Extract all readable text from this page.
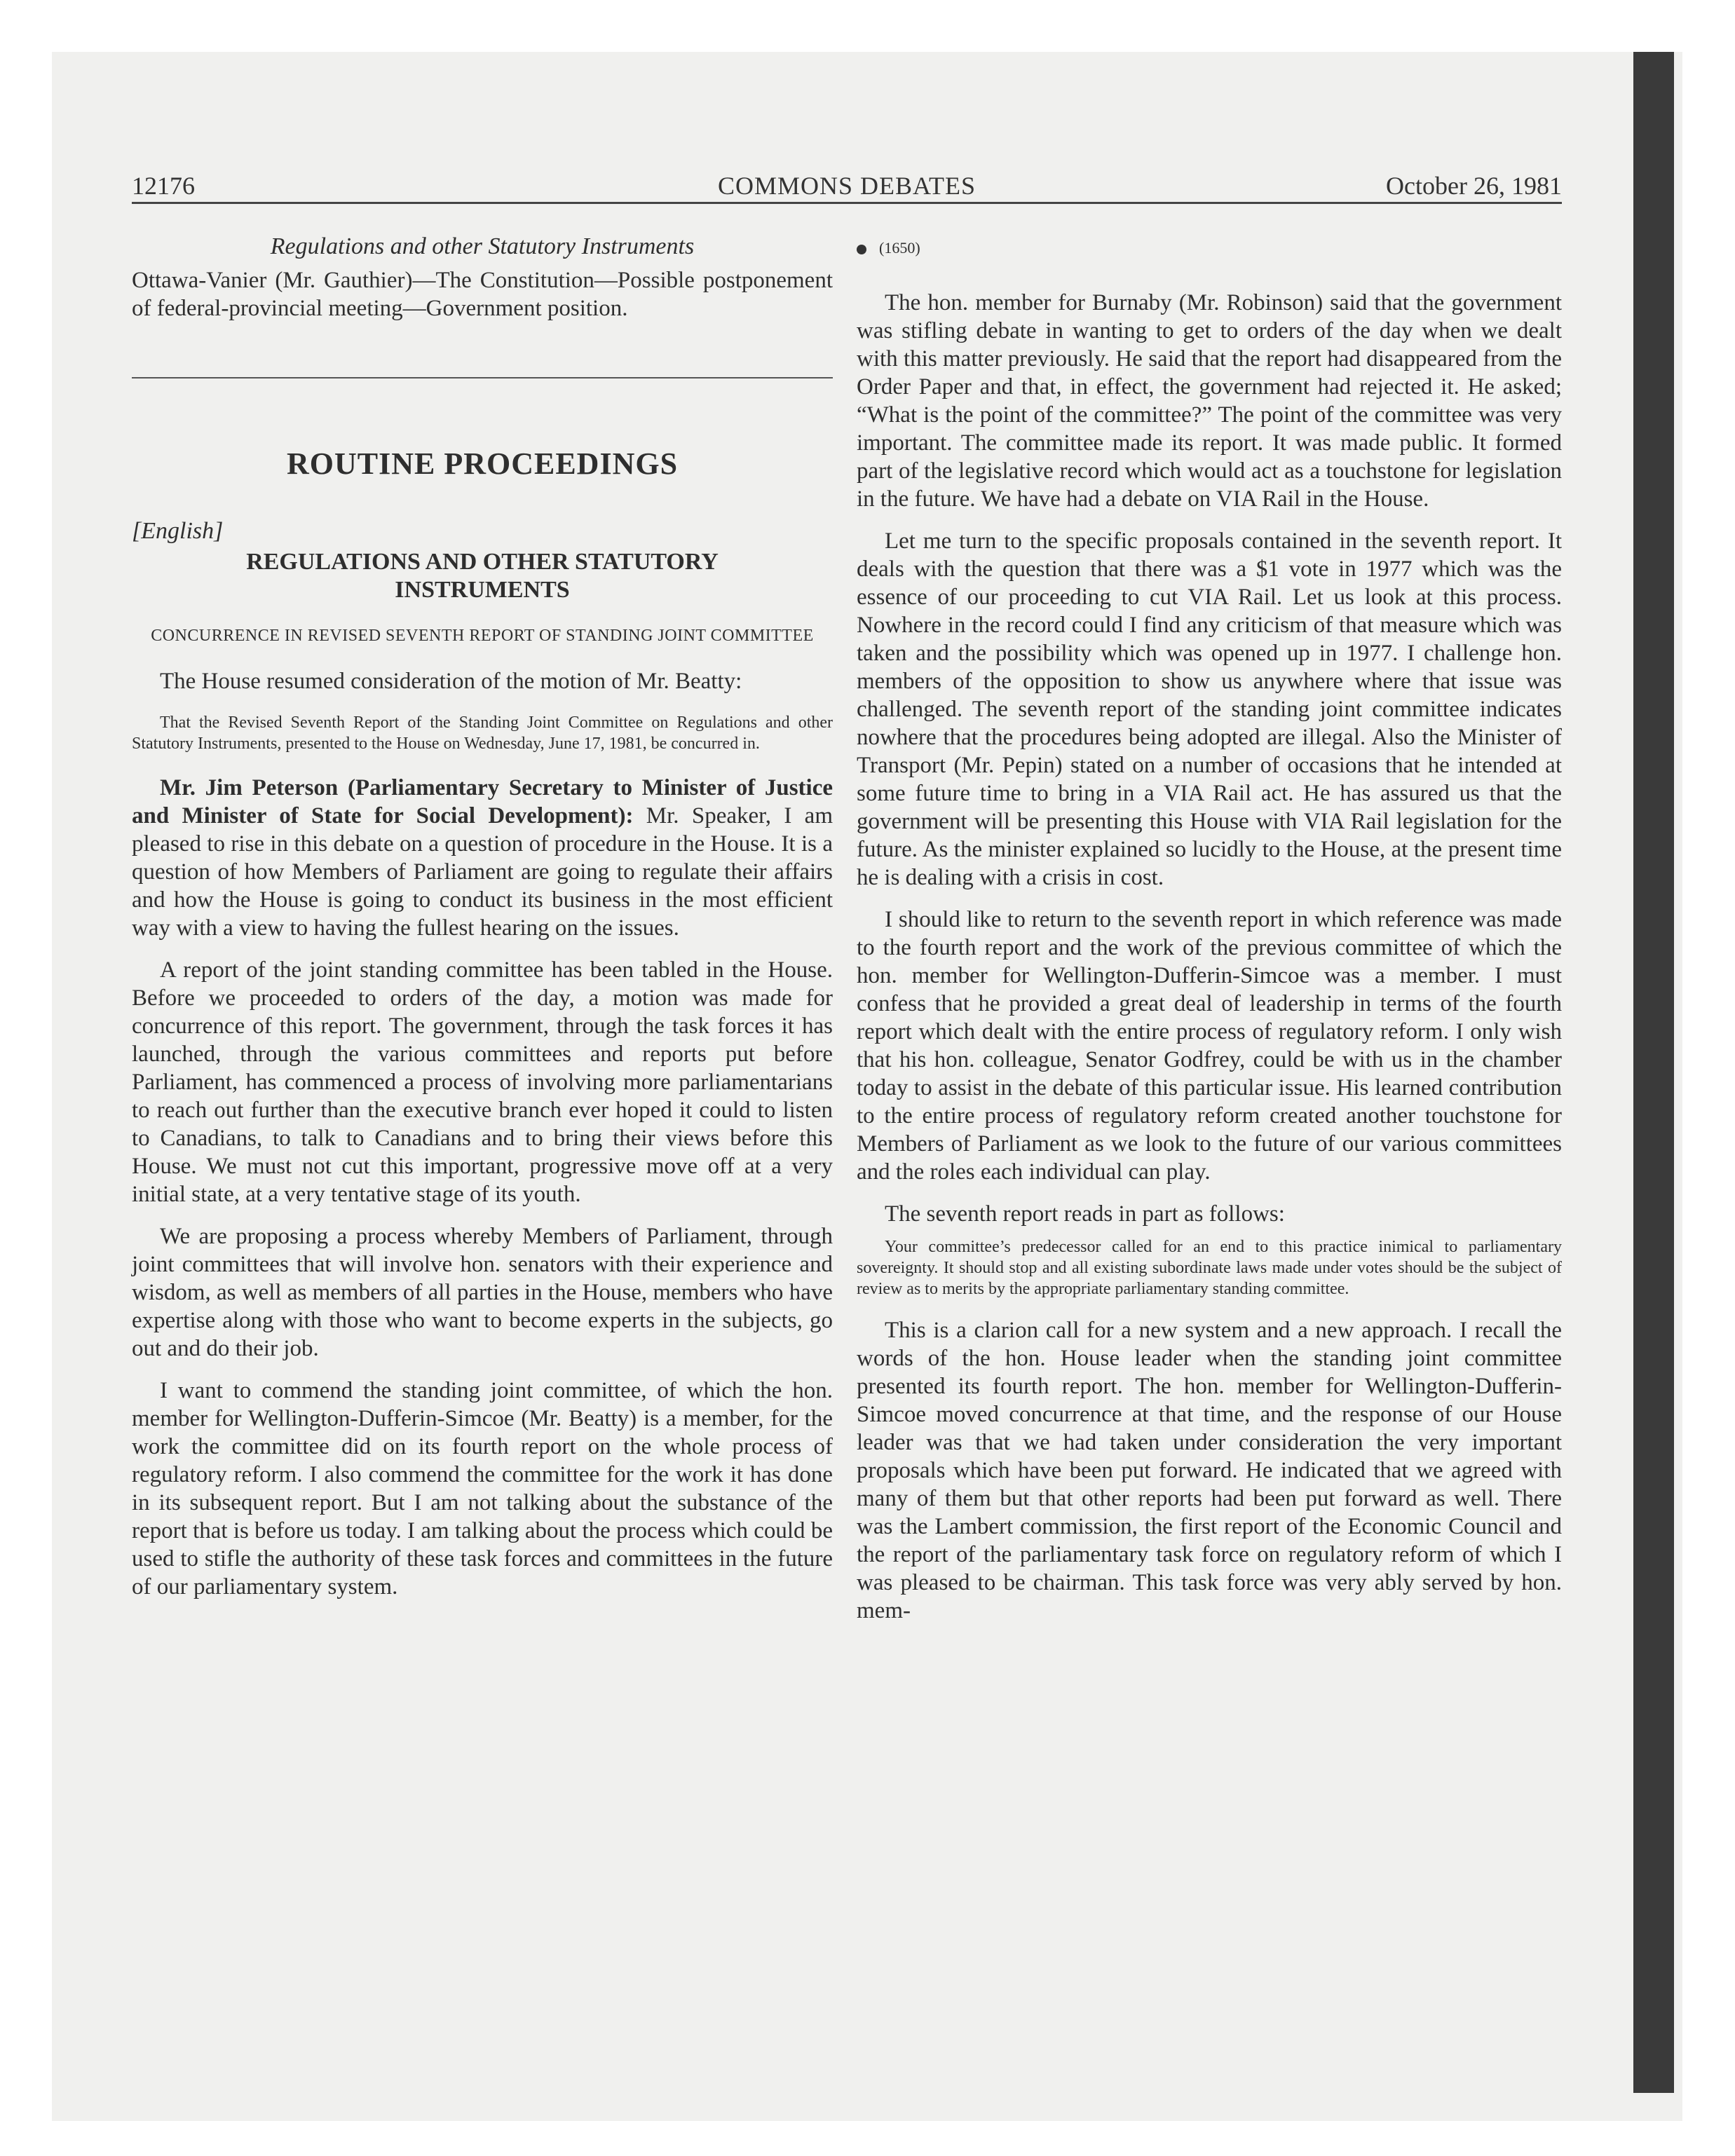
12176	COMMONS DEBATES	October 26, 1981

Regulations and other Statutory Instruments

Ottawa-Vanier (Mr. Gauthier)—The Constitution—Possible postponement of federal-provincial meeting—Government position.

ROUTINE PROCEEDINGS

[English]

REGULATIONS AND OTHER STATUTORY INSTRUMENTS

CONCURRENCE IN REVISED SEVENTH REPORT OF STANDING JOINT COMMITTEE

The House resumed consideration of the motion of Mr. Beatty:

That the Revised Seventh Report of the Standing Joint Committee on Regulations and other Statutory Instruments, presented to the House on Wednesday, June 17, 1981, be concurred in.

Mr. Jim Peterson (Parliamentary Secretary to Minister of Justice and Minister of State for Social Development): Mr. Speaker, I am pleased to rise in this debate on a question of procedure in the House. It is a question of how Members of Parliament are going to regulate their affairs and how the House is going to conduct its business in the most efficient way with a view to having the fullest hearing on the issues.

A report of the joint standing committee has been tabled in the House. Before we proceeded to orders of the day, a motion was made for concurrence of this report. The government, through the task forces it has launched, through the various committees and reports put before Parliament, has commenced a process of involving more parliamentarians to reach out further than the executive branch ever hoped it could to listen to Canadians, to talk to Canadians and to bring their views before this House. We must not cut this important, progressive move off at a very initial state, at a very tentative stage of its youth.

We are proposing a process whereby Members of Parliament, through joint committees that will involve hon. senators with their experience and wisdom, as well as members of all parties in the House, members who have expertise along with those who want to become experts in the subjects, go out and do their job.

I want to commend the standing joint committee, of which the hon. member for Wellington-Dufferin-Simcoe (Mr. Beatty) is a member, for the work the committee did on its fourth report on the whole process of regulatory reform. I also commend the committee for the work it has done in its subsequent report. But I am not talking about the substance of the report that is before us today. I am talking about the process which could be used to stifle the authority of these task forces and committees in the future of our parliamentary system.

(1650)

The hon. member for Burnaby (Mr. Robinson) said that the government was stifling debate in wanting to get to orders of the day when we dealt with this matter previously. He said that the report had disappeared from the Order Paper and that, in effect, the government had rejected it. He asked; “What is the point of the committee?” The point of the committee was very important. The committee made its report. It was made public. It formed part of the legislative record which would act as a touchstone for legislation in the future. We have had a debate on VIA Rail in the House.

Let me turn to the specific proposals contained in the seventh report. It deals with the question that there was a $1 vote in 1977 which was the essence of our proceeding to cut VIA Rail. Let us look at this process. Nowhere in the record could I find any criticism of that measure which was taken and the possibility which was opened up in 1977. I challenge hon. members of the opposition to show us anywhere where that issue was challenged. The seventh report of the standing joint committee indicates nowhere that the procedures being adopted are illegal. Also the Minister of Transport (Mr. Pepin) stated on a number of occasions that he intended at some future time to bring in a VIA Rail act. He has assured us that the government will be presenting this House with VIA Rail legislation for the future. As the minister explained so lucidly to the House, at the present time he is dealing with a crisis in cost.

I should like to return to the seventh report in which reference was made to the fourth report and the work of the previous committee of which the hon. member for Wellington-Dufferin-Simcoe was a member. I must confess that he provided a great deal of leadership in terms of the fourth report which dealt with the entire process of regulatory reform. I only wish that his hon. colleague, Senator Godfrey, could be with us in the chamber today to assist in the debate of this particular issue. His learned contribution to the entire process of regulatory reform created another touchstone for Members of Parliament as we look to the future of our various committees and the roles each individual can play.

The seventh report reads in part as follows:

Your committee’s predecessor called for an end to this practice inimical to parliamentary sovereignty. It should stop and all existing subordinate laws made under votes should be the subject of review as to merits by the appropriate parliamentary standing committee.

This is a clarion call for a new system and a new approach. I recall the words of the hon. House leader when the standing joint committee presented its fourth report. The hon. member for Wellington-Dufferin-Simcoe moved concurrence at that time, and the response of our House leader was that we had taken under consideration the very important proposals which have been put forward. He indicated that we agreed with many of them but that other reports had been put forward as well. There was the Lambert commission, the first report of the Economic Council and the report of the parliamentary task force on regulatory reform of which I was pleased to be chairman. This task force was very ably served by hon. mem-
